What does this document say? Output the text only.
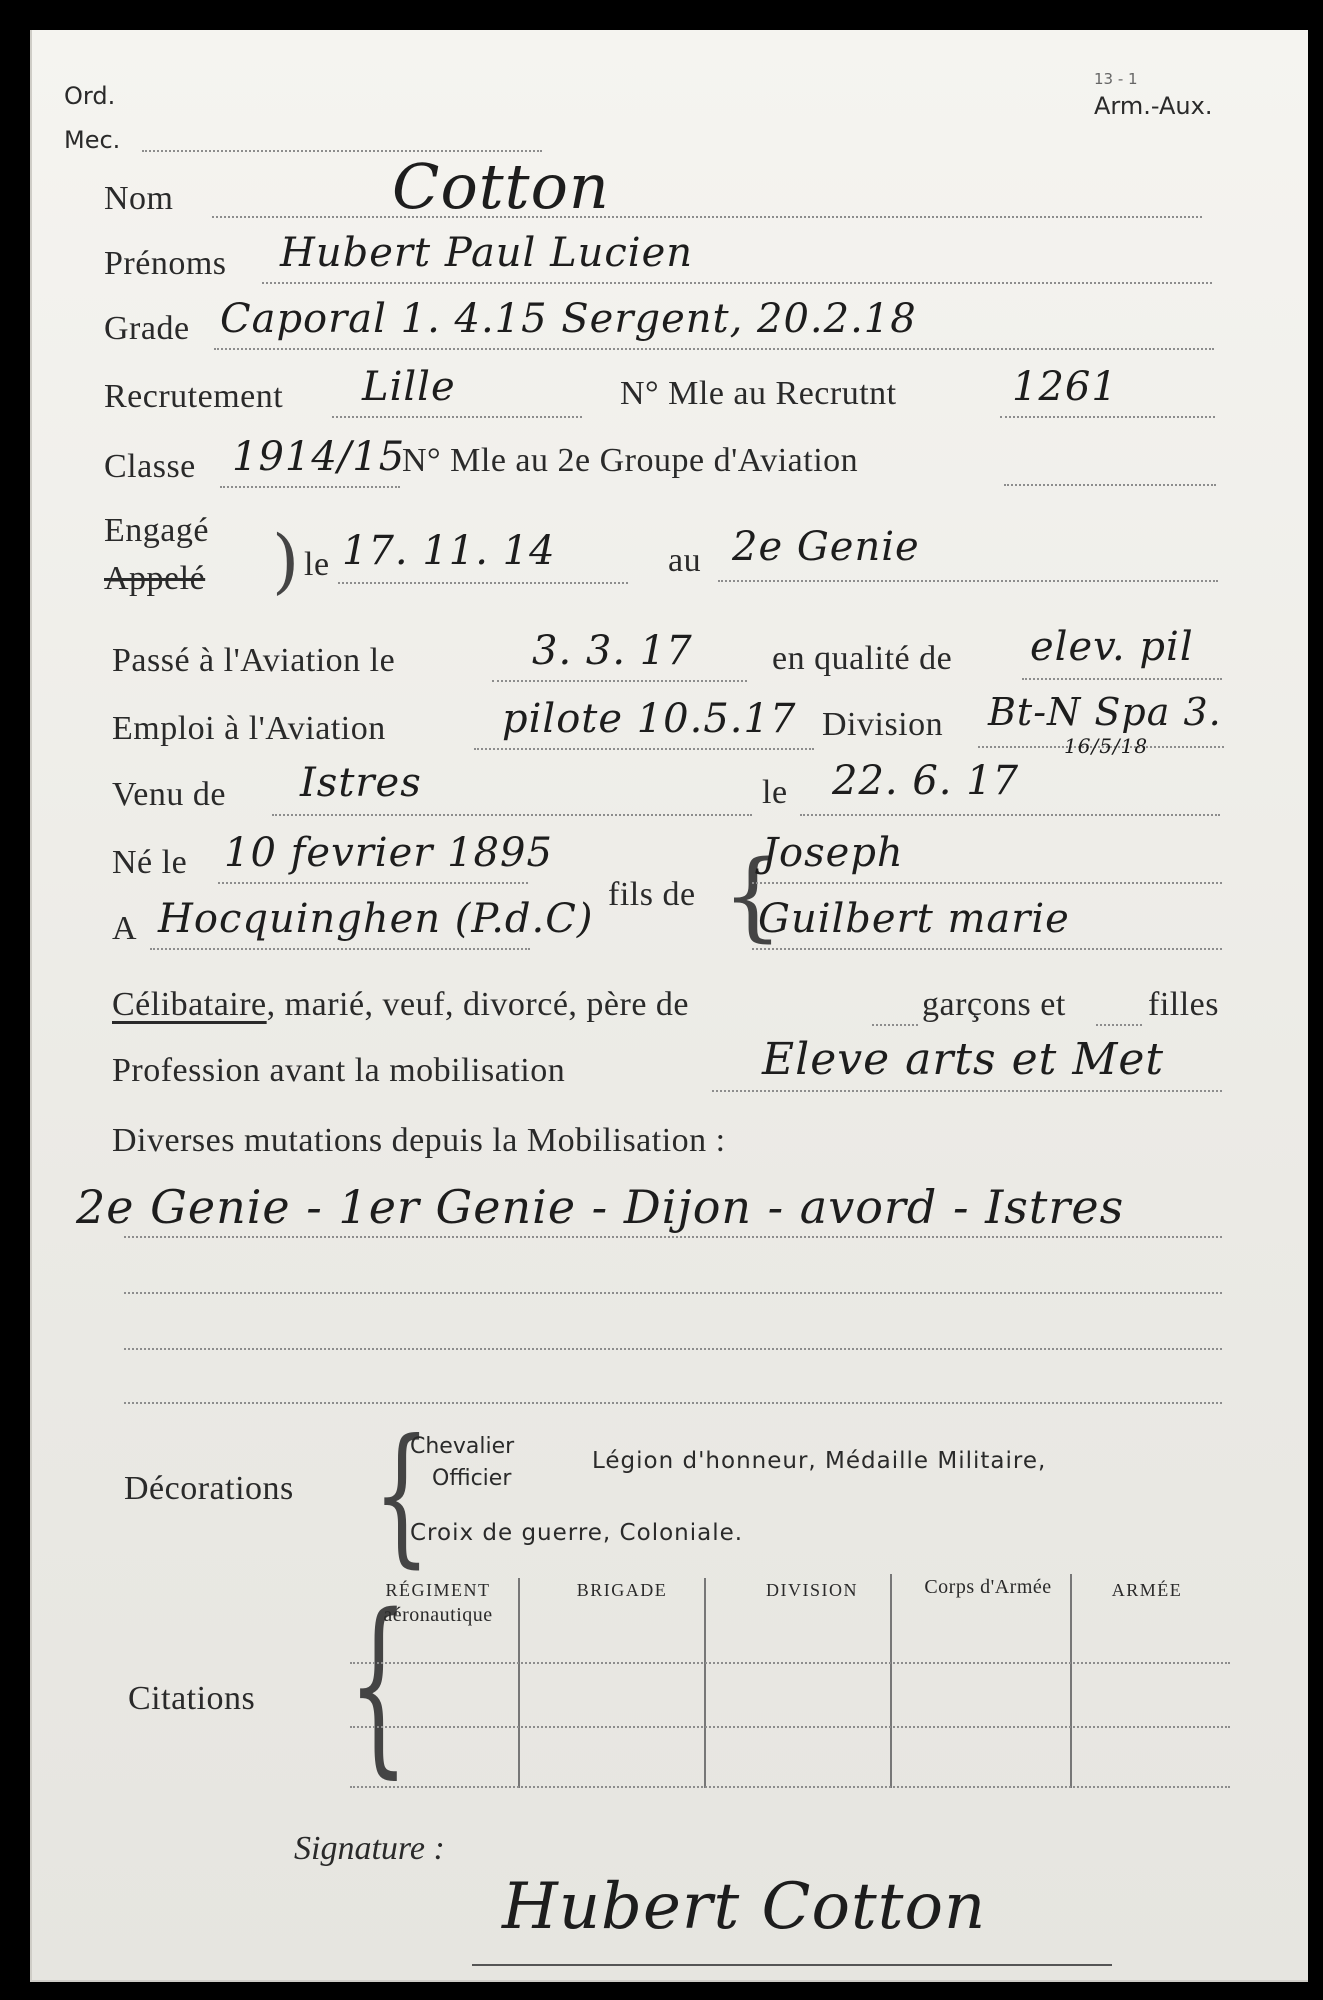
Ord.
Mec.
13 - 1
Arm.-Aux.
Nom	Cotton
Prénoms Hubert Paul Lucien
Grade Caporal 1. 4.15 Sergent, 20.2.18
Recrutement Lille	N° Mle au Recrutnt	1261
Classe 1914/15
N° Mle au 2e Groupe d'Aviation
Engagé
Appelé ) le 17. 11. 14	au 2e Genie
Passé à l'Aviation le	3. 3. 17 en qualité de elev. pil
Emploi à l'Aviation	pilote 10.5.17 Division Bt-N Spa 3.
16/5/18
Venu de Istres	le 22. 6. 17
Né le 10 fevrier 1895
A Hocquinghen (P.d.C)
fils de {
Joseph
Guilbert marie
Célibataire, marié, veuf, divorcé, père de	garçons et filles
Profession avant la mobilisation	Eleve arts et Met
Diverses mutations depuis la Mobilisation :
2e Genie - 1er Genie - Dijon - avord - Istres
Décorations {
Chevalier
Officier
Légion d'honneur, Médaille Militaire,
Croix de guerre, Coloniale.
Citations {
RÉGIMENT
aéronautique
BRIGADE	DIVISION	Corps d'Armée	ARMÉE
Signature :
Hubert Cotton
